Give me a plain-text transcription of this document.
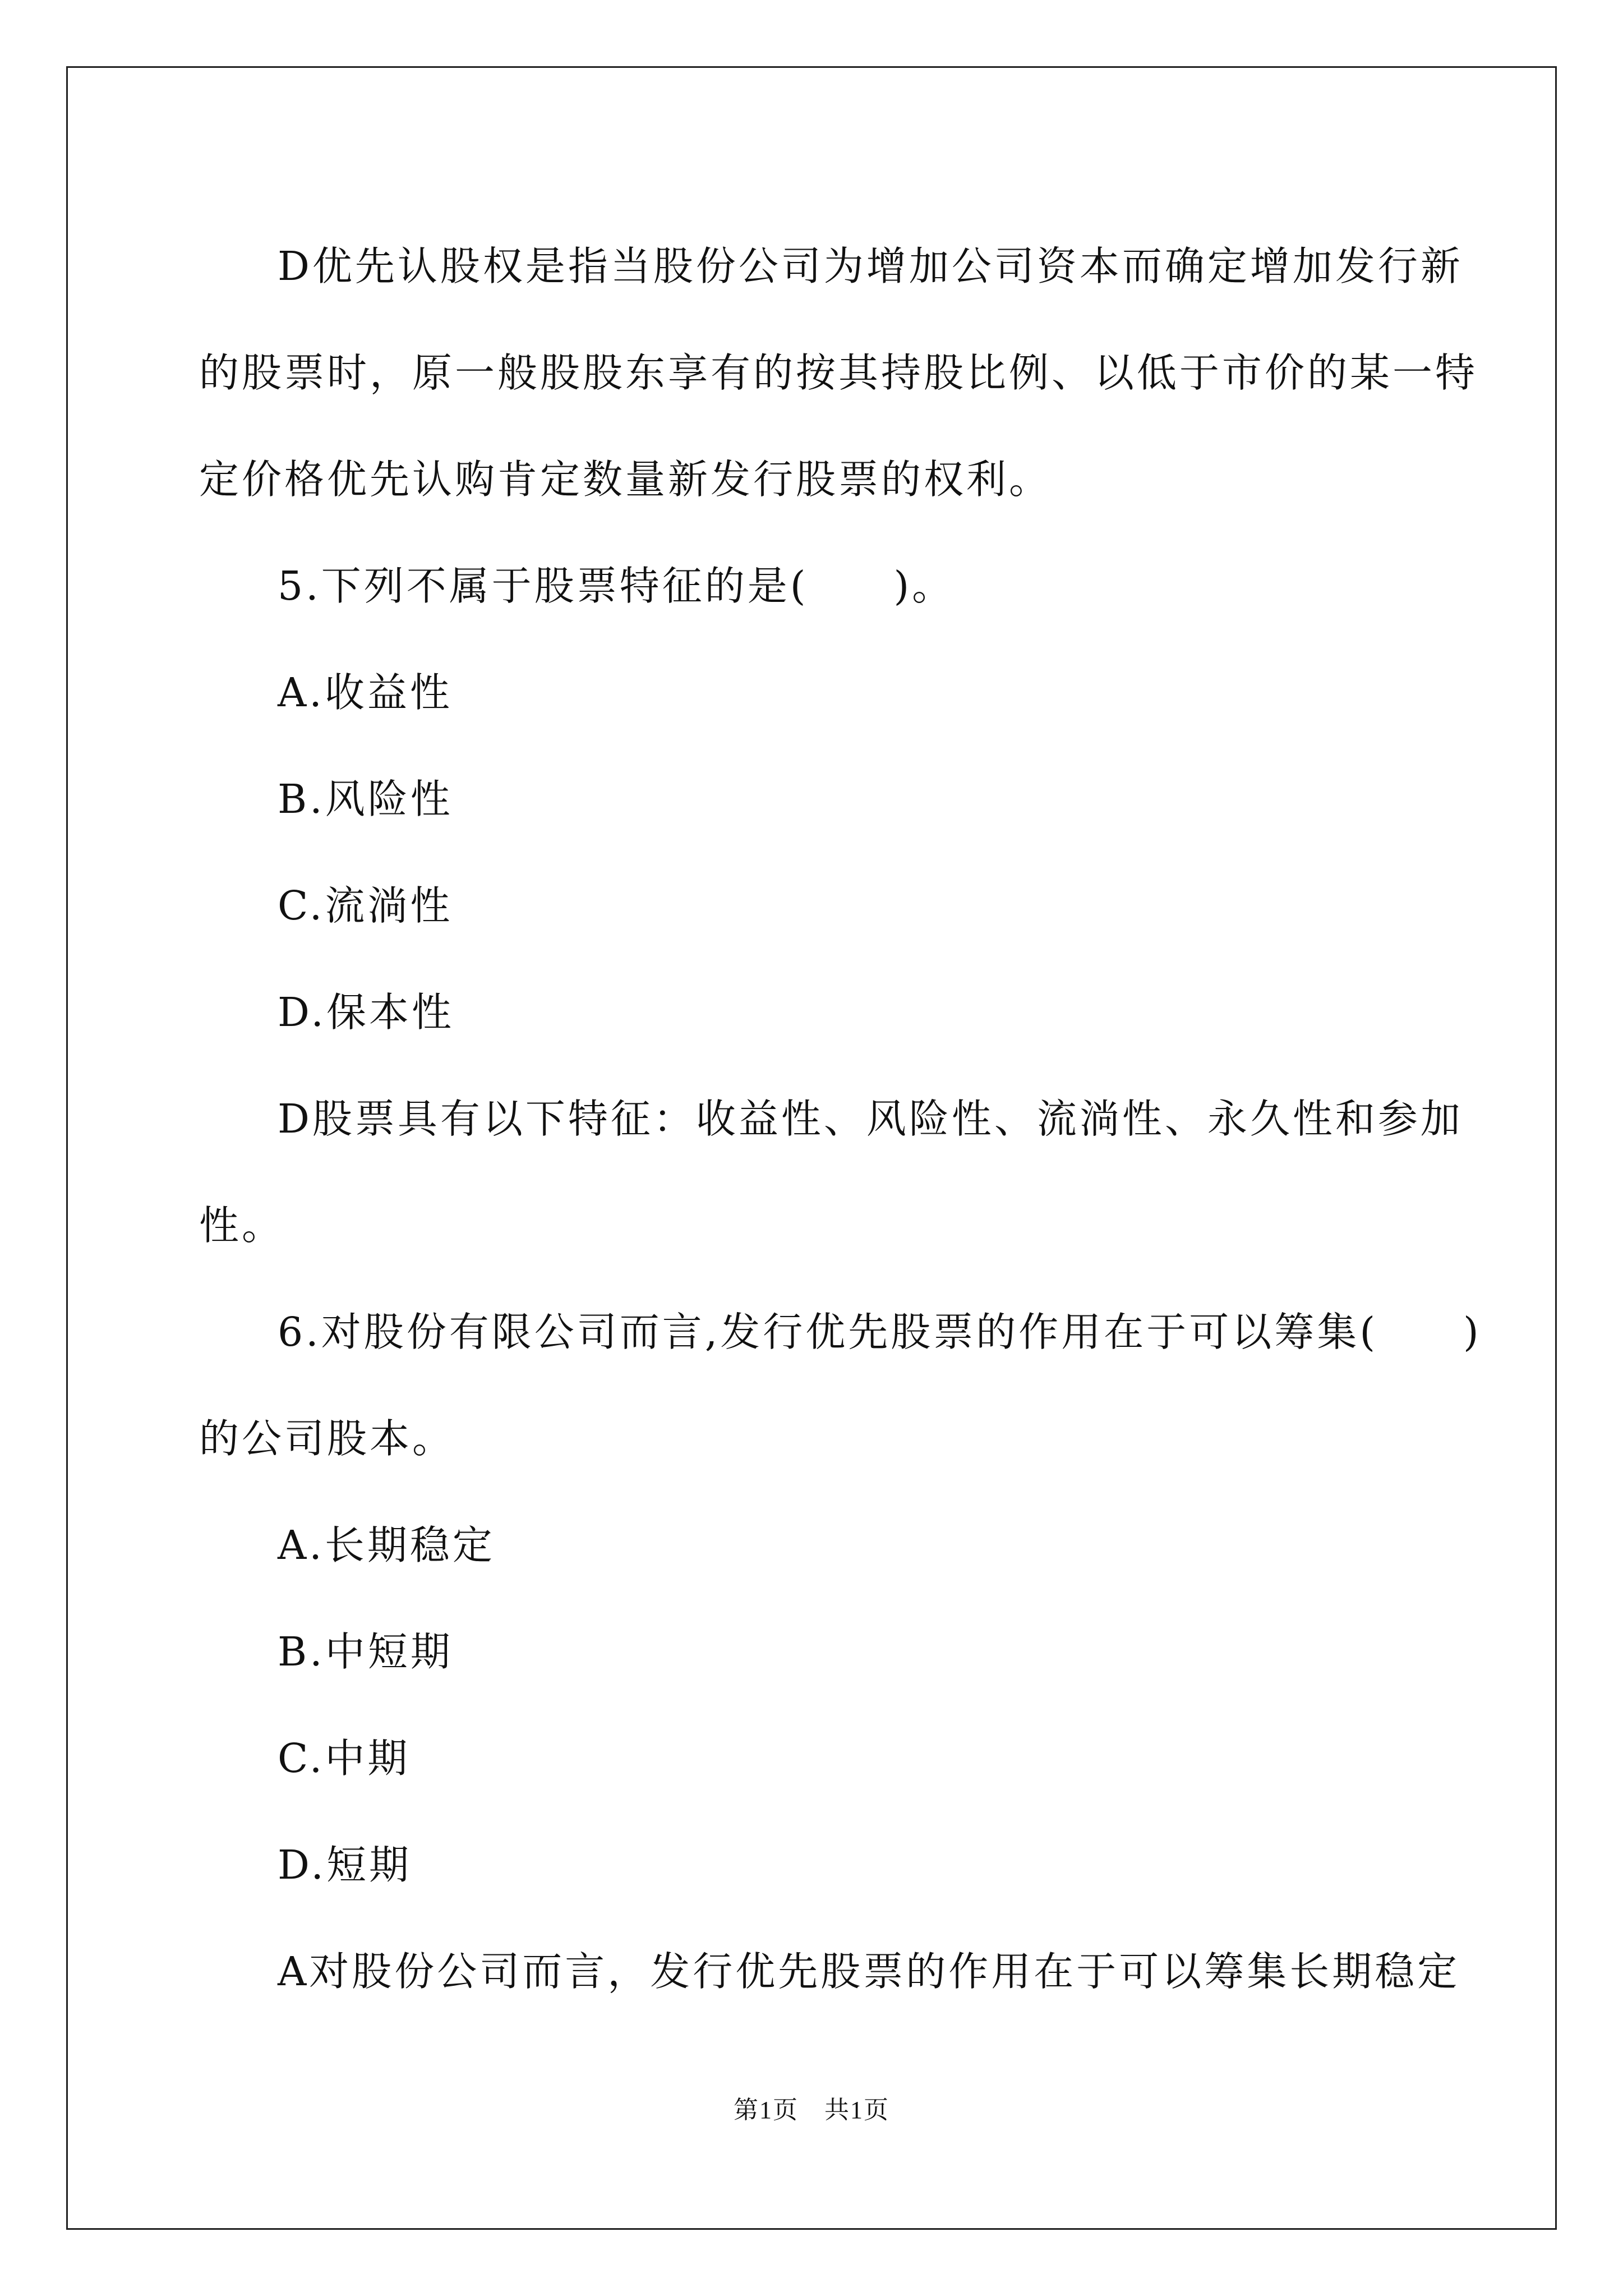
D优先认股权是指当股份公司为增加公司资本而确定增加发行新

的股票时，原一般股股东享有的按其持股比例、以低于市价的某一特

定价格优先认购肯定数量新发行股票的权利。

5.下列不属于股票特征的是(　　)。

A.收益性

B.风险性

C.流淌性

D.保本性

D股票具有以下特征：收益性、风险性、流淌性、永久性和参加

性。

6.对股份有限公司而言,发行优先股票的作用在于可以筹集(　　)

的公司股本。

A.长期稳定

B.中短期

C.中期

D.短期

A对股份公司而言，发行优先股票的作用在于可以筹集长期稳定

第1页　共1页
